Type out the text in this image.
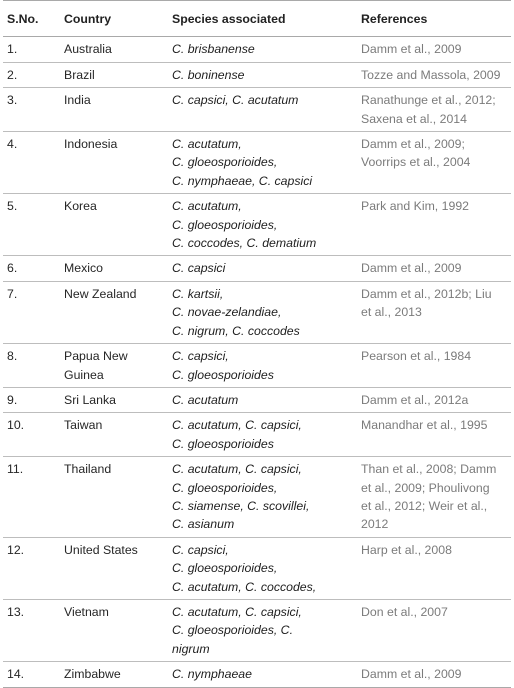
S.No.	Country	Species associated	References
1.	Australia	C. brisbanense	Damm et al., 2009

2.	Brazil	C. boninense	Tozze and Massola, 2009

3.	India	C. capsici, C. acutatum	Ranathunge et al., 2012;
Saxena et al., 2014

4.	Indonesia	C. acutatum,
C. gloeosporioides,
C. nymphaeae, C. capsici	Damm et al., 2009;
Voorrips et al., 2004

5.	Korea	C. acutatum,
C. gloeosporioides,
C. coccodes, C. dematium	Park and Kim, 1992

6.	Mexico	C. capsici	Damm et al., 2009

7.	New Zealand	C. kartsii,
C. novae-zelandiae,
C. nigrum, C. coccodes	Damm et al., 2012b; Liu
et al., 2013

8.	Papua New
Guinea	C. capsici,
C. gloeosporioides	Pearson et al., 1984

9.	Sri Lanka	C. acutatum	Damm et al., 2012a

10.	Taiwan	C. acutatum, C. capsici,
C. gloeosporioides	Manandhar et al., 1995

11.	Thailand	C. acutatum, C. capsici,
C. gloeosporioides,
C. siamense, C. scovillei,
C. asianum	Than et al., 2008; Damm
et al., 2009; Phoulivong
et al., 2012; Weir et al.,
2012

12.	United States	C. capsici,
C. gloeosporioides,
C. acutatum, C. coccodes,	Harp et al., 2008

13.	Vietnam	C. acutatum, C. capsici,
C. gloeosporioides, C.
nigrum	Don et al., 2007

14.	Zimbabwe	C. nymphaeae	Damm et al., 2009
